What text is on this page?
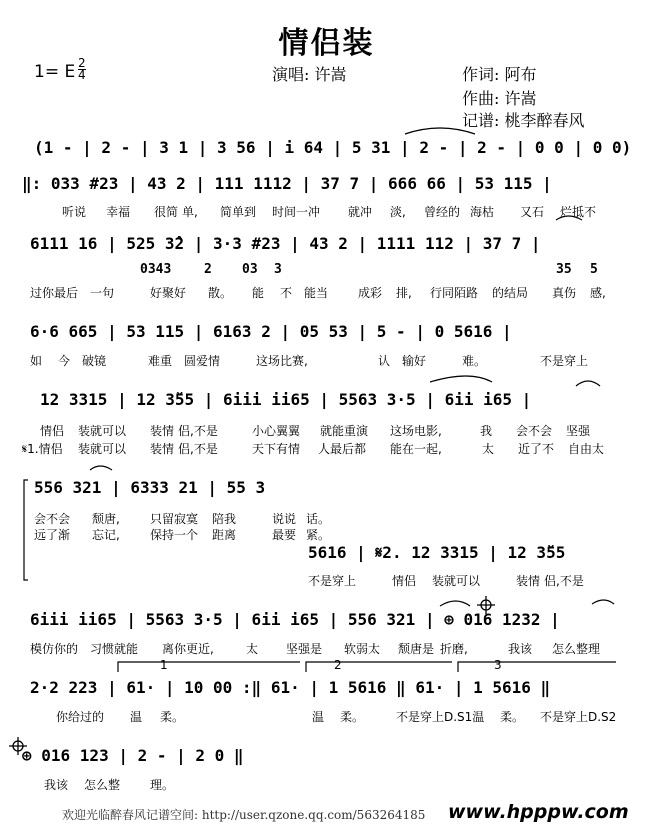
情侣装
1= E $\frac{2}{4}$	演唱: 许嵩	作词: 阿布
作曲: 许嵩
记谱: 桃李醉春风
(1 - | 2 - | 3 1 | 3 56 | i 64 | 5 31 | 2 - | 2 - | 0 0 | 0 0)
‖: 033 #23 | 43 2 | 111 1112 | 37 7 | 666 66 | 53 115 |
听说 幸福 很简 单, 简单到 时间一冲 就冲 淡, 曾经的 海枯 又石 烂抵不
6111 16 | 525 3̂2 | 3·3 #23 | 43 2 | 1111 112 | 37 7 |
0343	2 03 3	35 5
过你最后 一句	好聚好 散。 能 不 能当 成彩 排, 行同陌路 的结局 真伤 感,
6·6 665 | 53 115 | 6163 2 | 05 53 | 5 - | 0 5616 |
如 今 破镜	难重 圆爱情	这场比赛,	认 输好	难。	不是穿上
12 3315 | 12 3̌55 | 6iii ii65 | 5563 3·5 | 6ii i65 |
情侣 装就可以 装情 侣,不是	小心翼翼 就能重演 这场电影,	我 会不会 坚强
𝄋1.情侣 装就可以 装情 侣,不是	天下有情 人最后都 能在一起,	太 近了不 自由太
556 321 | 6333 21 | 55 3
会不会 颓唐,	只留寂寞 陪我	说说 话。
远了渐 忘记,	保持一个 距离	最要 紧。
5616 | 𝄋2. 12 3315 | 12 3̌55
不是穿上	情侣 装就可以	装情 侣,不是
6iii ii65 | 5563 3·5 | 6ii i65 | 556 321 | ⊕ 016 1232 |
模仿你的 习惯就能 离你更近,	太 坚强是 软弱太 颓唐是 折磨,	我该 怎么整理
1	2	3
2·2 223 | 61· | 10 00 :‖ 61· | 1 5616 ‖ 61· | 1 5616 ‖
你给过的 温 柔。	温 柔。	不是穿上D.S1温 柔。 不是穿上D.S2
⊕ 016 123 | 2 - | 2 0 ‖
我该 怎么整 理。
欢迎光临醉春风记谱空间: http://user.qzone.qq.com/563264185 www.hpppw.com
